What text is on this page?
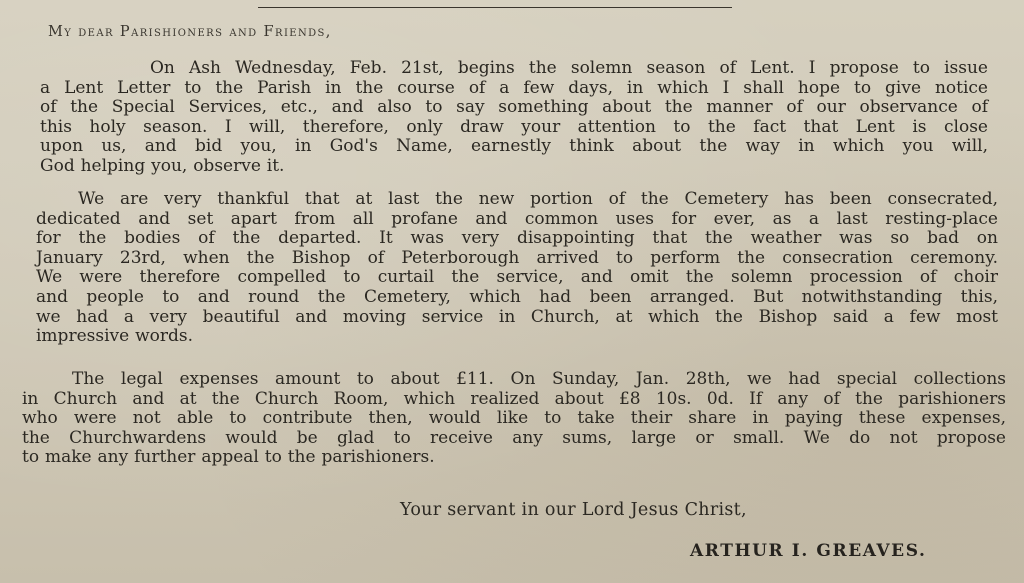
My dear Parishioners and Friends,
On Ash Wednesday, Feb. 21st, begins the solemn season of Lent. I propose to issue
a Lent Letter to the Parish in the course of a few days, in which I shall hope to give notice
of the Special Services, etc., and also to say something about the manner of our observance of
this holy season. I will, therefore, only draw your attention to the fact that Lent is close
upon us, and bid you, in God's Name, earnestly think about the way in which you will,
God helping you, observe it.
We are very thankful that at last the new portion of the Cemetery has been consecrated,
dedicated and set apart from all profane and common uses for ever, as a last resting-place
for the bodies of the departed. It was very disappointing that the weather was so bad on
January 23rd, when the Bishop of Peterborough arrived to perform the consecration ceremony.
We were therefore compelled to curtail the service, and omit the solemn procession of choir
and people to and round the Cemetery, which had been arranged. But notwithstanding this,
we had a very beautiful and moving service in Church, at which the Bishop said a few most
impressive words.
The legal expenses amount to about £11. On Sunday, Jan. 28th, we had special collections
in Church and at the Church Room, which realized about £8 10s. 0d. If any of the parishioners
who were not able to contribute then, would like to take their share in paying these expenses,
the Churchwardens would be glad to receive any sums, large or small. We do not propose
to make any further appeal to the parishioners.
Your servant in our Lord Jesus Christ,
ARTHUR I. GREAVES.
